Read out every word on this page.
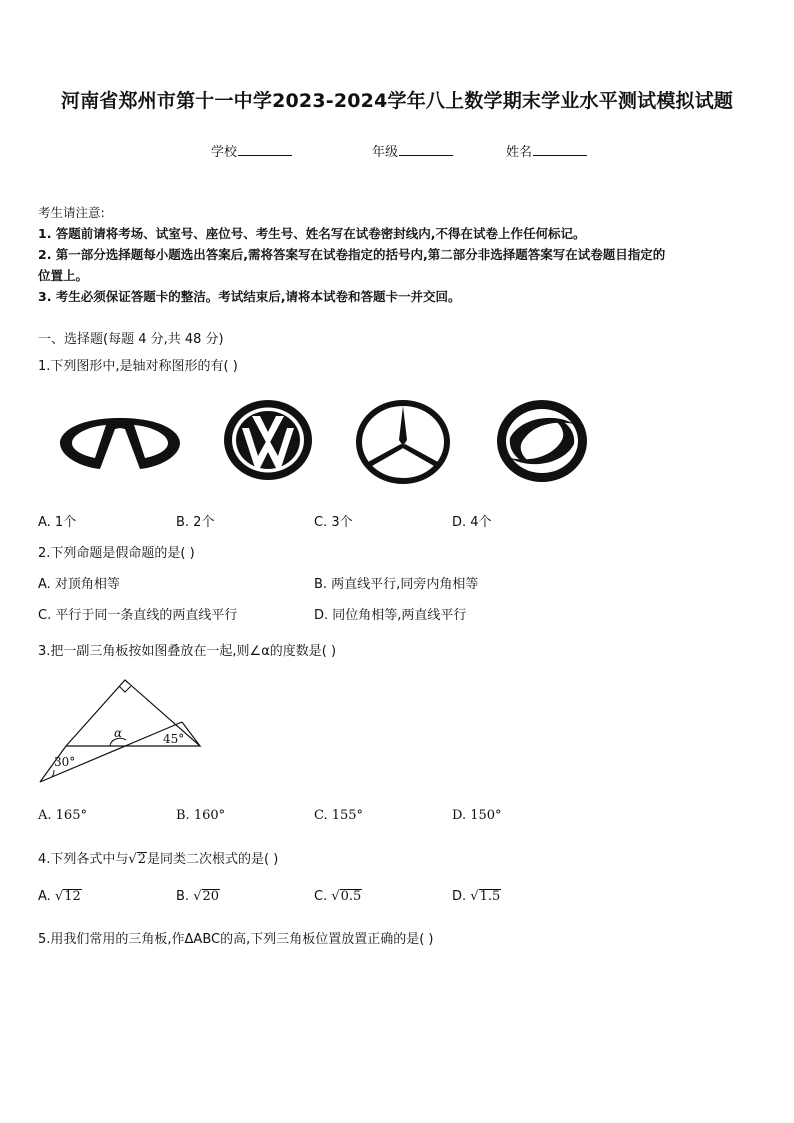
河南省郑州市第十一中学2023-2024学年八上数学期末学业水平测试模拟试题
学校	年级	姓名
考生请注意:
1. 答题前请将考场、试室号、座位号、考生号、姓名写在试卷密封线内,不得在试卷上作任何标记。
2. 第一部分选择题每小题选出答案后,需将答案写在试卷指定的括号内,第二部分非选择题答案写在试卷题目指定的
位置上。
3. 考生必须保证答题卡的整洁。考试结束后,请将本试卷和答题卡一并交回。
一、选择题(每题 4 分,共 48 分)
1.下列图形中,是轴对称图形的有( )
A. 1个	B. 2个	C. 3个	D. 4个
2.下列命题是假命题的是( )
A. 对顶角相等	B. 两直线平行,同旁内角相等
C. 平行于同一条直线的两直线平行	D. 同位角相等,两直线平行
3.把一副三角板按如图叠放在一起,则∠α的度数是( )
α	45°
30°
A. 165°	B. 160°	C. 155°	D. 150°
4.下列各式中与√2是同类二次根式的是( )
A. √12	B. √20	C. √0.5	D. √1.5
5.用我们常用的三角板,作ΔABC的高,下列三角板位置放置正确的是( )
